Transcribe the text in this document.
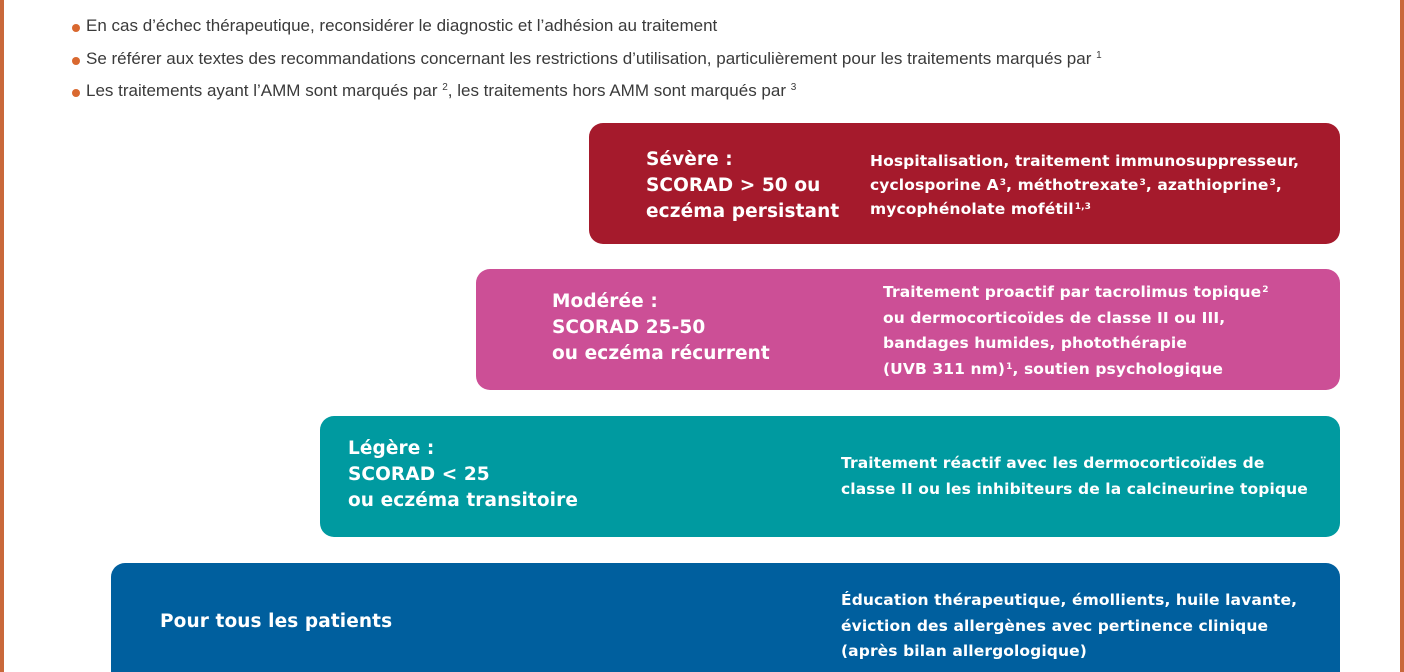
En cas d’échec thérapeutique, reconsidérer le diagnostic et l’adhésion au traitement
Se référer aux textes des recommandations concernant les restrictions d’utilisation, particulièrement pour les traitements marqués par $^1$
Les traitements ayant l’AMM sont marqués par $^2$, les traitements hors AMM sont marqués par $^3$
Sévère :
SCORAD > 50 ou
eczéma persistant
Hospitalisation, traitement immunosuppresseur,
cyclosporine $A^3$, méthotrexate$^3$, azathioprine$^3$,
mycophénolate mofétil$^{1,3}$
Modérée :
SCORAD 25-50
ou eczéma récurrent
Traitement proactif par tacrolimus topique$^2$
ou dermocorticoïdes de classe II ou III,
bandages humides, photothérapie
(UVB 311 nm)$^1$, soutien psychologique
Légère :
SCORAD < 25
ou eczéma transitoire
Traitement réactif avec les dermocorticoïdes de
classe II ou les inhibiteurs de la calcineurine topique
Pour tous les patients
Éducation thérapeutique, émollients, huile lavante,
éviction des allergènes avec pertinence clinique
(après bilan allergologique)
